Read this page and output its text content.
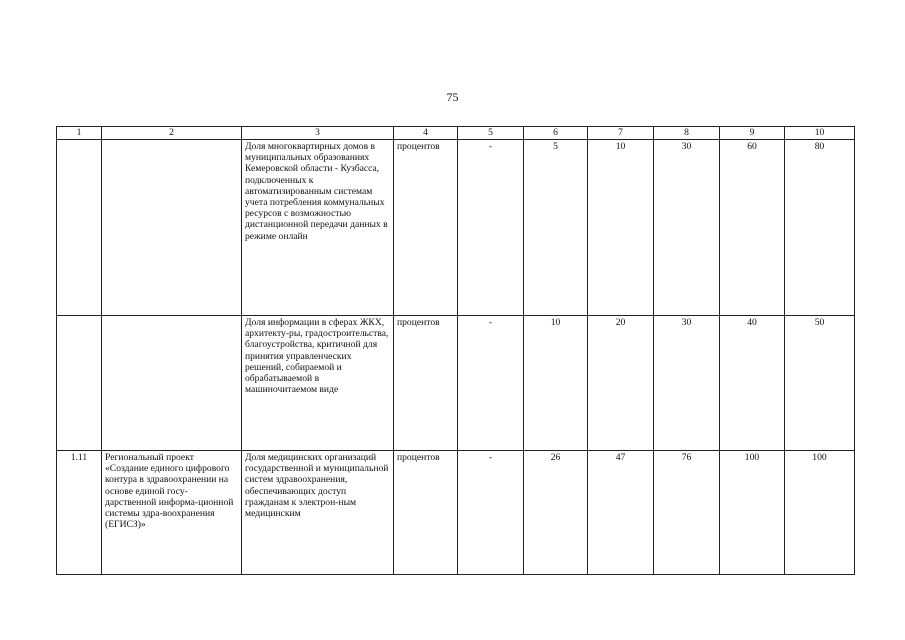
75
1	2	3	4	5	6	7	8	9	10
		Доля многоквартирных домов в муниципальных образованиях Кемеровской области - Кузбасса, подключенных к автоматизированным системам учета потребления коммунальных ресурсов с возможностью дистанционной передачи данных в режиме онлайн	процентов	-	5	10	30	60	80
		Доля информации в сферах ЖКХ, архитекту-ры, градостроительства, благоустройства, критичной для принятия управленческих решений, собираемой и обрабатываемой в машиночитаемом виде	процентов	-	10	20	30	40	50
1.11	Региональный проект «Создание единого цифрового контура в здравоохранении на основе единой госу-дарственной информа-ционной системы здра-воохранения (ЕГИСЗ)»	Доля медицинских организаций государственной и муниципальной систем здравоохранения, обеспечивающих доступ гражданам к электрон-ным медицинским	процентов	-	26	47	76	100	100
